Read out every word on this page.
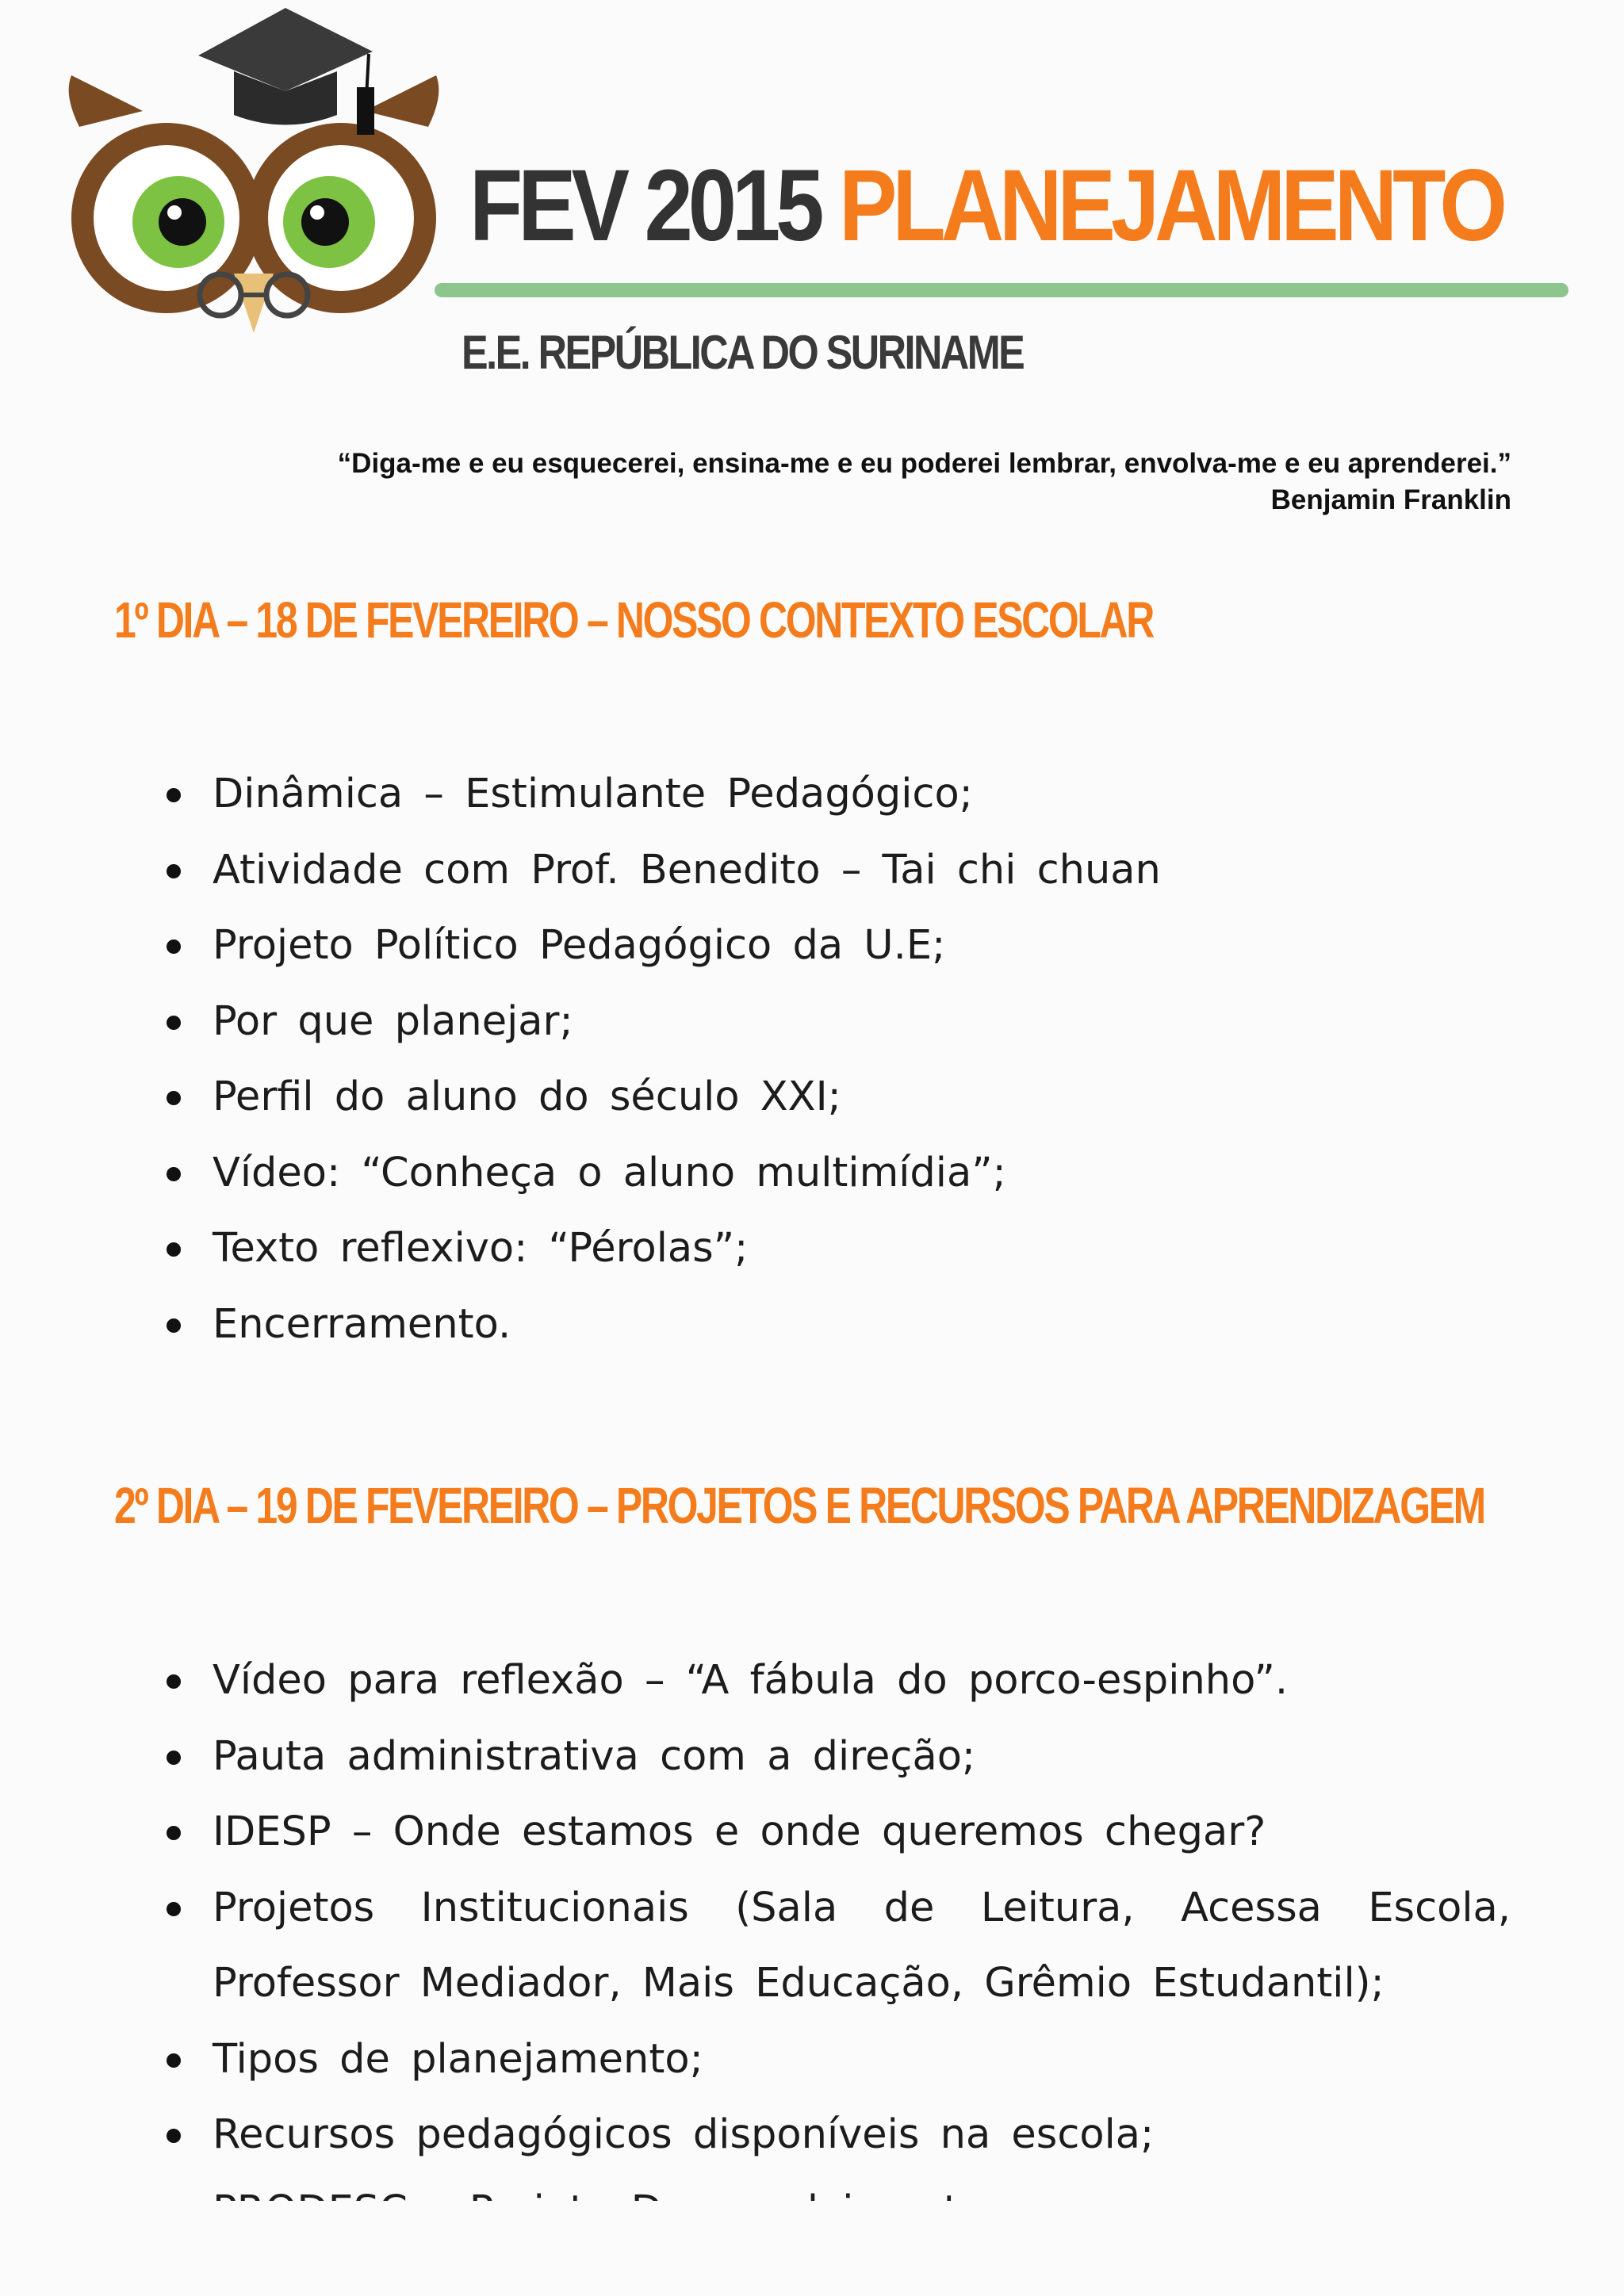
FEV 2015 PLANEJAMENTO
E.E. REPÚBLICA DO SURINAME
“Diga-me e eu esquecerei, ensina-me e eu poderei lembrar, envolva-me e eu aprenderei.”
Benjamin Franklin
1º DIA – 18 DE FEVEREIRO – NOSSO CONTEXTO ESCOLAR
Dinâmica – Estimulante Pedagógico;
Atividade com Prof. Benedito – Tai chi chuan
Projeto Político Pedagógico da U.E;
Por que planejar;
Perfil do aluno do século XXI;
Vídeo: “Conheça o aluno multimídia”;
Texto reflexivo: “Pérolas”;
Encerramento.
2º DIA – 19 DE FEVEREIRO – PROJETOS E RECURSOS PARA APRENDIZAGEM
Vídeo para reflexão – “A fábula do porco-espinho”.
Pauta administrativa com a direção;
IDESP – Onde estamos e onde queremos chegar?
Projetos Institucionais (Sala de Leitura, Acessa Escola, Professor Mediador, Mais Educação, Grêmio Estudantil);
Tipos de planejamento;
Recursos pedagógicos disponíveis na escola;
